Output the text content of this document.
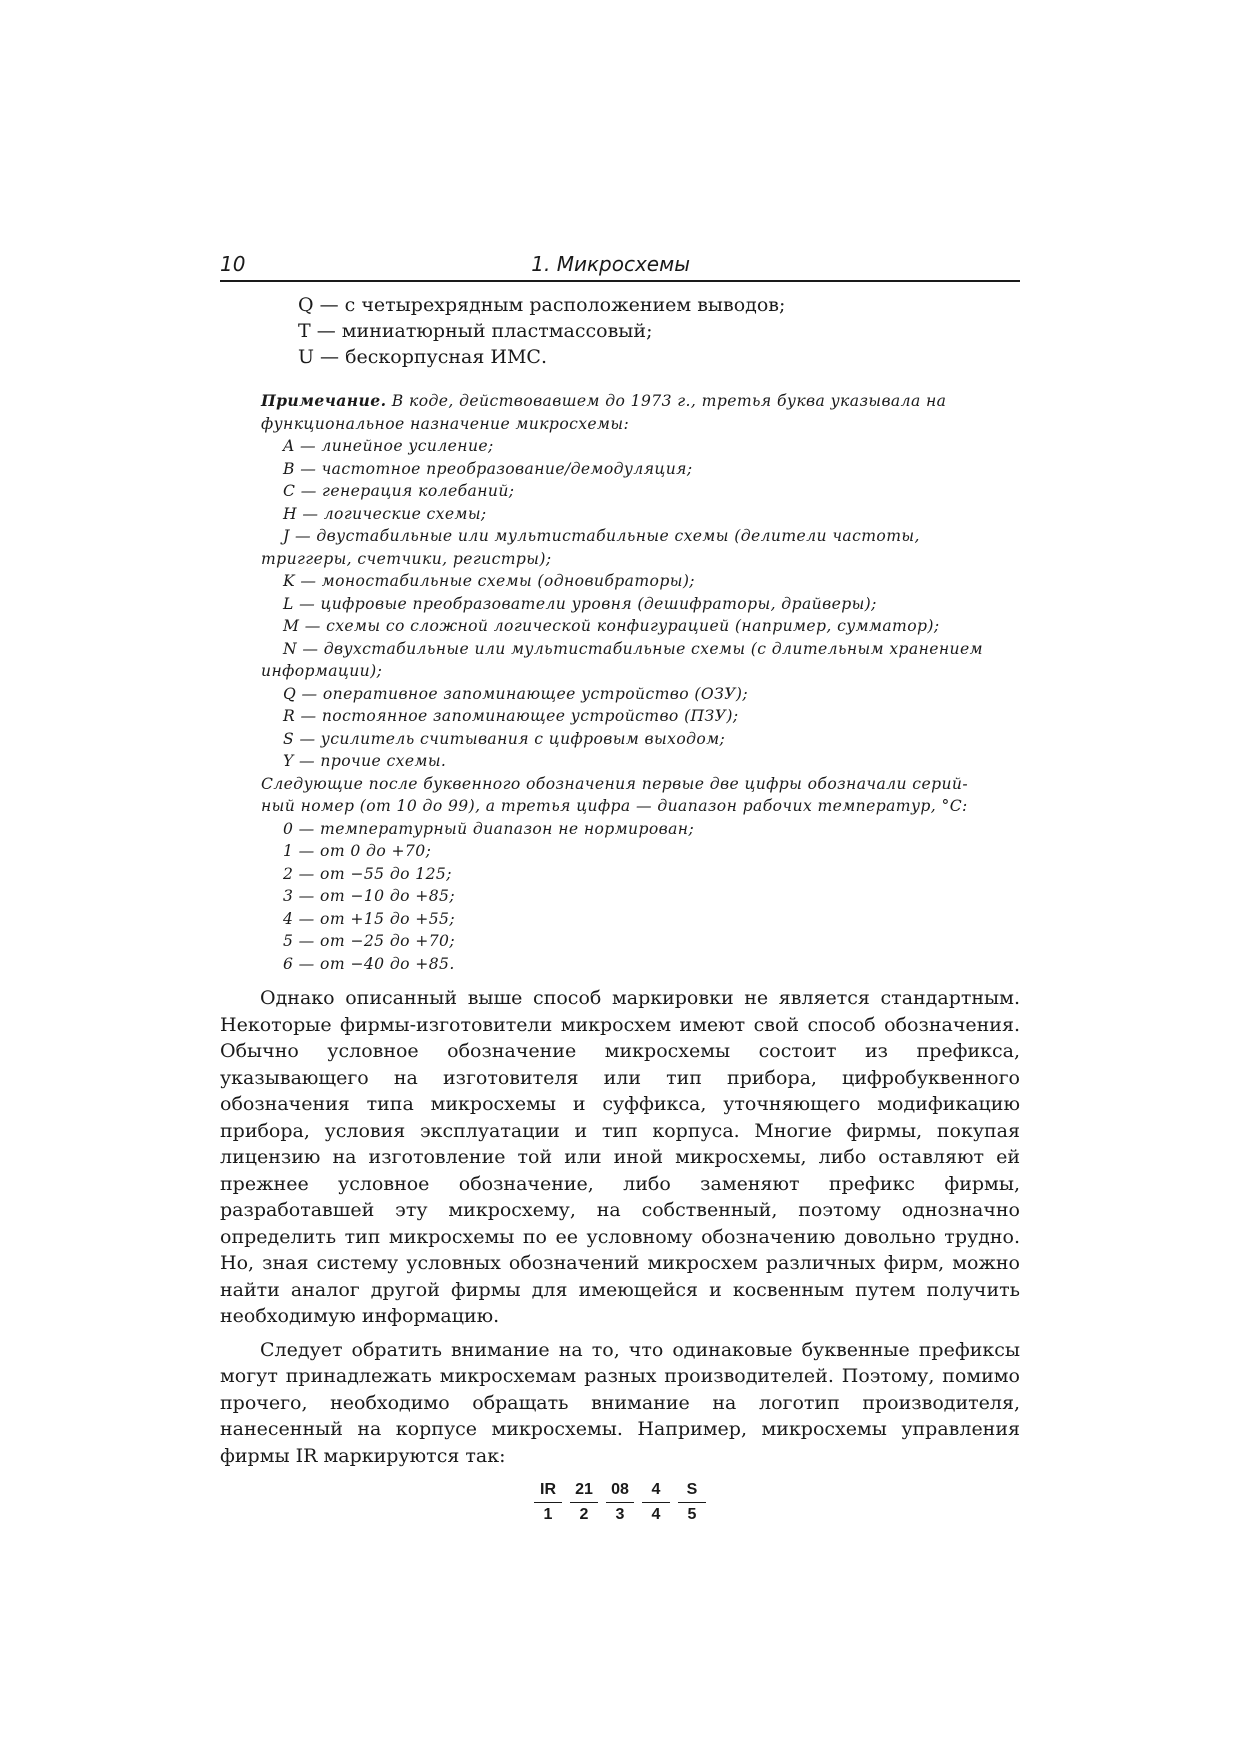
10	1. Микросхемы
Q — с четырехрядным расположением выводов;
T — миниатюрный пластмассовый;
U — бескорпусная ИМС.
Примечание. В коде, действовавшем до 1973 г., третья буква указывала на функциональное назначение микросхемы:
A — линейное усиление;
B — частотное преобразование/демодуляция;
C — генерация колебаний;
H — логические схемы;
J — двустабильные или мультистабильные схемы (делители частоты,
триггеры, счетчики, регистры);
K — моностабильные схемы (одновибраторы);
L — цифровые преобразователи уровня (дешифраторы, драйверы);
M — схемы со сложной логической конфигурацией (например, сумматор);
N — двухстабильные или мультистабильные схемы (с длительным хранением
информации);
Q — оперативное запоминающее устройство (ОЗУ);
R — постоянное запоминающее устройство (ПЗУ);
S — усилитель считывания с цифровым выходом;
Y — прочие схемы.
Следующие после буквенного обозначения первые две цифры обозначали серий-
ный номер (от 10 до 99), а третья цифра — диапазон рабочих температур, °С:
0 — температурный диапазон не нормирован;
1 — от 0 до +70;
2 — от −55 до 125;
3 — от −10 до +85;
4 — от +15 до +55;
5 — от −25 до +70;
6 — от −40 до +85.

Однако описанный выше способ маркировки не является стандартным. Некоторые фирмы-изготовители микросхем имеют свой способ обозначения. Обычно условное обозначение микросхемы состоит из префикса, указывающего на изготовителя или тип прибора, цифробуквенного обозначения типа микросхемы и суффикса, уточняющего модификацию прибора, условия эксплуатации и тип корпуса. Многие фирмы, покупая лицензию на изготовление той или иной микросхемы, либо оставляют ей прежнее условное обозначение, либо заменяют префикс фирмы, разработавшей эту микросхему, на собственный, поэтому однозначно определить тип микросхемы по ее условному обозначению довольно трудно. Но, зная систему условных обозначений микросхем различных фирм, можно найти аналог другой фирмы для имеющейся и косвенным путем получить необходимую информацию.

Следует обратить внимание на то, что одинаковые буквенные префиксы могут принадлежать микросхемам разных производителей. Поэтому, помимо прочего, необходимо обращать внимание на логотип производителя, нанесенный на корпусе микросхемы. Например, микросхемы управления фирмы IR маркируются так:

IR
1
21
2
08
3
4
4
S
5
